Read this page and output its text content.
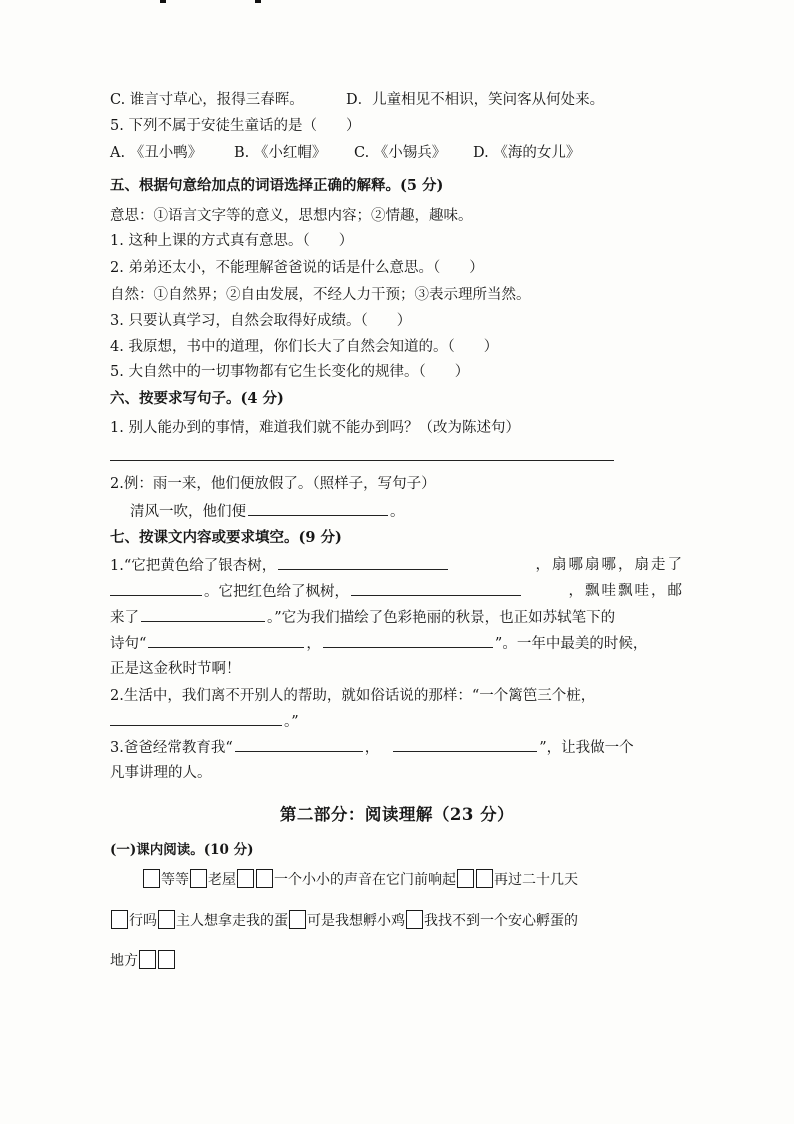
C. 谁言寸草心，报得三春晖。	D．儿童相见不相识，笑问客从何处来。
5. 下列不属于安徒生童话的是（　　）
A. 《丑小鸭》 B. 《小红帽》 C. 《小锡兵》 D. 《海的女儿》
五、根据句意给加点的词语选择正确的解释。(5 分)
意思：①语言文字等的意义，思想内容；②情趣，趣味。
1. 这种上课的方式真有意思。（　　）
2. 弟弟还太小，不能理解爸爸说的话是什么意思。（　　）
自然：①自然界；②自由发展，不经人力干预；③表示理所当然。
3. 只要认真学习，自然会取得好成绩。（　　）
4. 我原想，书中的道理，你们长大了自然会知道的。（　　）
5. 大自然中的一切事物都有它生长变化的规律。（　　）
六、按要求写句子。(4 分)
1. 别人能办到的事情，难道我们就不能办到吗？（改为陈述句）
2.例：雨一来，他们便放假了。（照样子，写句子）
清风一吹，他们便	。
七、按课文内容或要求填空。(9 分)
1.“它把黄色给了银杏树，	，扇哪扇哪，扇走了
。它把红色给了枫树，	，飘哇飘哇，邮
来了	。”它为我们描绘了色彩艳丽的秋景，也正如苏轼笔下的
诗句“	，	”。一年中最美的时候，
正是这金秋时节啊！
2.生活中，我们离不开别人的帮助，就如俗话说的那样：“一个篱笆三个桩，
。”
3.爸爸经常教育我“	，	”，让我做一个
凡事讲理的人。
第二部分：阅读理解（23 分）
(一)课内阅读。(10 分)
等等 老屋	一个小小的声音在它门前响起	再过二十几天
行吗 主人想拿走我的蛋 可是我想孵小鸡 我找不到一个安心孵蛋的
地方
